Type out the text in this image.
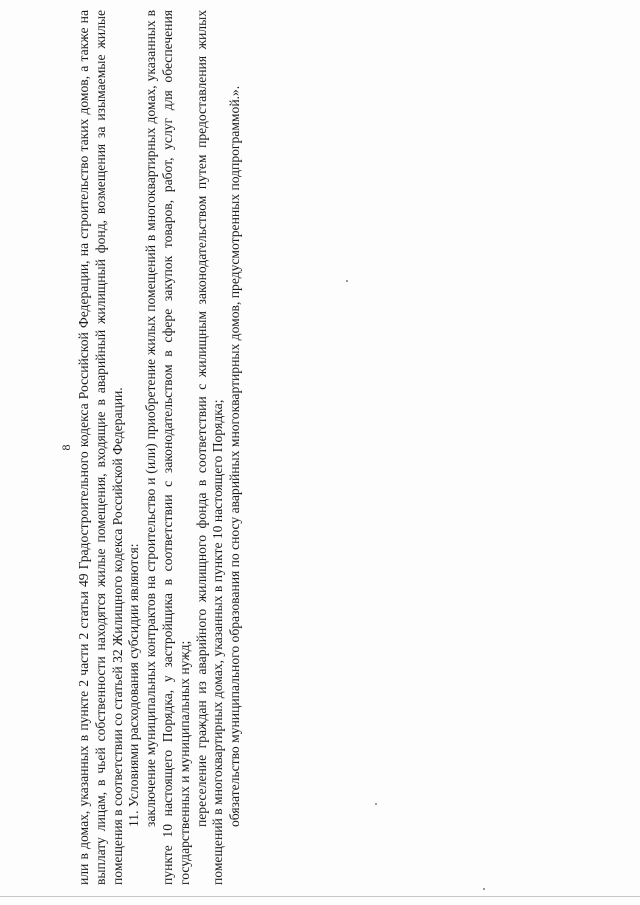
8 или в домах, указанных в пункте 2 части 2 статьи 49 Градостроительного кодекса Российской Федерации, на строительство таких домов, а также на выплату лицам, в чьей собственности находятся жилые помещения, входящие в аварийный жилищный фонд, возмещения за изымаемые жилые помещения в соответствии со статьей 32 Жилищного кодекса Российской Федерации. 11. Условиями расходования субсидии являются: заключение муниципальных контрактов на строительство и (или) приобретение жилых помещений в многоквартирных домах, указанных в пункте 10 настоящего Порядка, у застройщика в соответствии с законодательством в сфере закупок товаров, работ, услуг для обеспечения государственных и муниципальных нужд; переселение граждан из аварийного жилищного фонда в соответствии с жилищным законодательством путем предоставления жилых помещений в многоквартирных домах, указанных в пункте 10 настоящего Порядка; обязательство муниципального образования по сносу аварийных многоквартирных домов, предусмотренных подпрограммой.».
